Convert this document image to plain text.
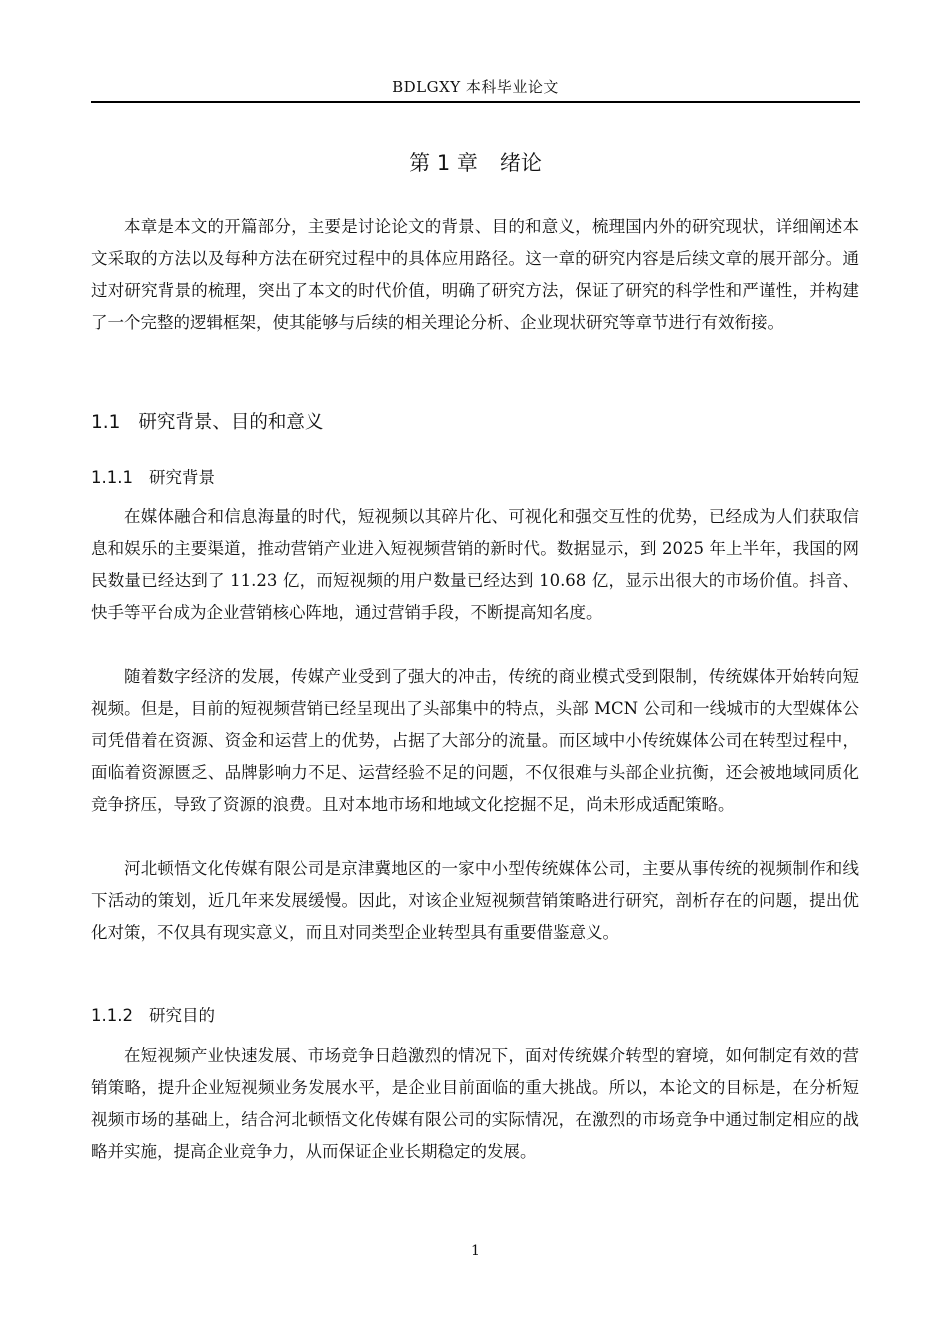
BDLGXY 本科毕业论文
第 1 章 绪论

本章是本文的开篇部分，主要是讨论论文的背景、目的和意义，梳理国内外的研究现状，详细阐述本文采取的方法以及每种方法在研究过程中的具体应用路径。这一章的研究内容是后续文章的展开部分。通过对研究背景的梳理，突出了本文的时代价值，明确了研究方法，保证了研究的科学性和严谨性，并构建了一个完整的逻辑框架，使其能够与后续的相关理论分析、企业现状研究等章节进行有效衔接。

1.1 研究背景、目的和意义
1.1.1 研究背景

在媒体融合和信息海量的时代，短视频以其碎片化、可视化和强交互性的优势，已经成为人们获取信息和娱乐的主要渠道，推动营销产业进入短视频营销的新时代。数据显示，到 2025 年上半年，我国的网民数量已经达到了 11.23 亿，而短视频的用户数量已经达到 10.68 亿，显示出很大的市场价值。抖音、快手等平台成为企业营销核心阵地，通过营销手段，不断提高知名度。

随着数字经济的发展，传媒产业受到了强大的冲击，传统的商业模式受到限制，传统媒体开始转向短视频。但是，目前的短视频营销已经呈现出了头部集中的特点，头部 MCN 公司和一线城市的大型媒体公司凭借着在资源、资金和运营上的优势，占据了大部分的流量。而区域中小传统媒体公司在转型过程中，面临着资源匮乏、品牌影响力不足、运营经验不足的问题，不仅很难与头部企业抗衡，还会被地域同质化竞争挤压，导致了资源的浪费。且对本地市场和地域文化挖掘不足，尚未形成适配策略。

河北顿悟文化传媒有限公司是京津冀地区的一家中小型传统媒体公司，主要从事传统的视频制作和线下活动的策划，近几年来发展缓慢。因此，对该企业短视频营销策略进行研究，剖析存在的问题，提出优化对策，不仅具有现实意义，而且对同类型企业转型具有重要借鉴意义。

1.1.2 研究目的

在短视频产业快速发展、市场竞争日趋激烈的情况下，面对传统媒介转型的窘境，如何制定有效的营销策略，提升企业短视频业务发展水平，是企业目前面临的重大挑战。所以，本论文的目标是，在分析短视频市场的基础上，结合河北顿悟文化传媒有限公司的实际情况，在激烈的市场竞争中通过制定相应的战略并实施，提高企业竞争力，从而保证企业长期稳定的发展。

1
